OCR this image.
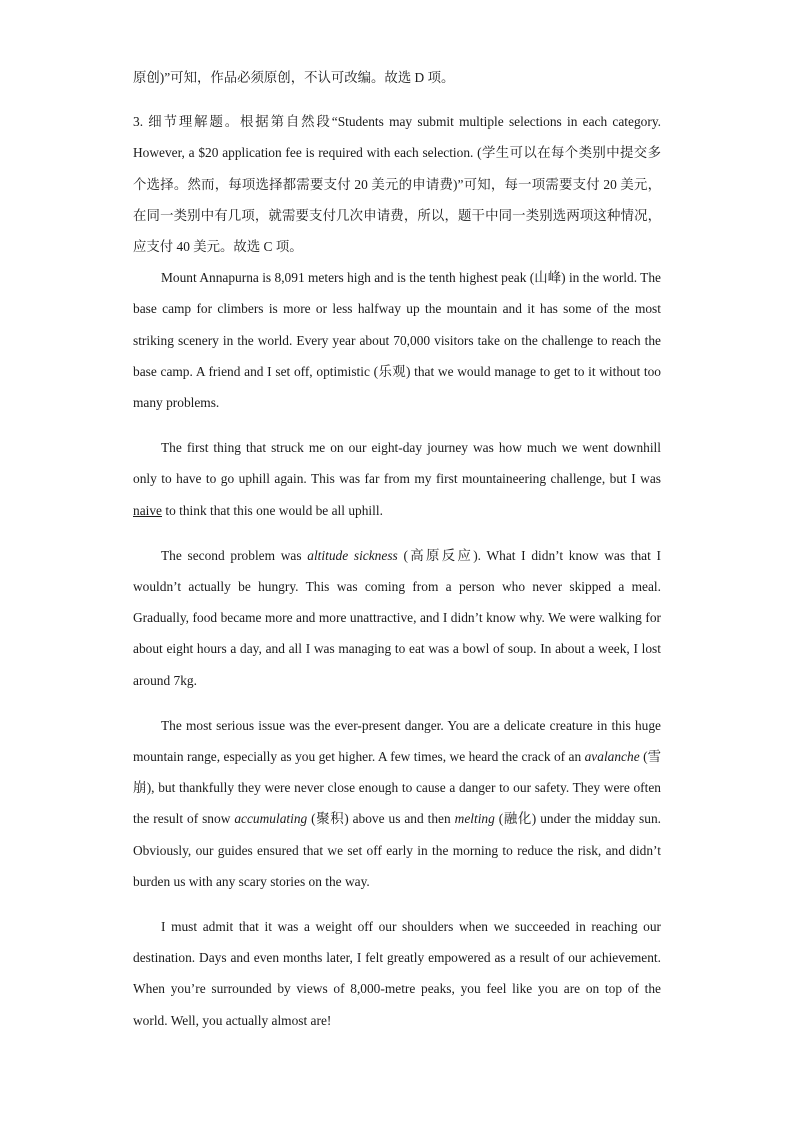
原创)”可知，作品必须原创，不认可改编。故选 D 项。

3. 细节理解题。根据第自然段“Students may submit multiple selections in each category. However, a $20 application fee is required with each selection. (学生可以在每个类别中提交多个选择。然而，每项选择都需要支付 20 美元的申请费)”可知，每一项需要支付 20 美元，在同一类别中有几项，就需要支付几次申请费，所以，题干中同一类别选两项这种情况，应支付 40 美元。故选 C 项。

Mount Annapurna is 8,091 meters high and is the tenth highest peak (山峰) in the world. The base camp for climbers is more or less halfway up the mountain and it has some of the most striking scenery in the world. Every year about 70,000 visitors take on the challenge to reach the base camp. A friend and I set off, optimistic (乐观) that we would manage to get to it without too many problems.

The first thing that struck me on our eight-day journey was how much we went downhill only to have to go uphill again. This was far from my first mountaineering challenge, but I was naive to think that this one would be all uphill.

The second problem was altitude sickness (高原反应). What I didn’t know was that I wouldn’t actually be hungry. This was coming from a person who never skipped a meal. Gradually, food became more and more unattractive, and I didn’t know why. We were walking for about eight hours a day, and all I was managing to eat was a bowl of soup. In about a week, I lost around 7kg.

The most serious issue was the ever-present danger. You are a delicate creature in this huge mountain range, especially as you get higher. A few times, we heard the crack of an avalanche (雪崩), but thankfully they were never close enough to cause a danger to our safety. They were often the result of snow accumulating (聚积) above us and then melting (融化) under the midday sun. Obviously, our guides ensured that we set off early in the morning to reduce the risk, and didn’t burden us with any scary stories on the way.

I must admit that it was a weight off our shoulders when we succeeded in reaching our destination. Days and even months later, I felt greatly empowered as a result of our achievement. When you’re surrounded by views of 8,000-metre peaks, you feel like you are on top of the world. Well, you actually almost are!
